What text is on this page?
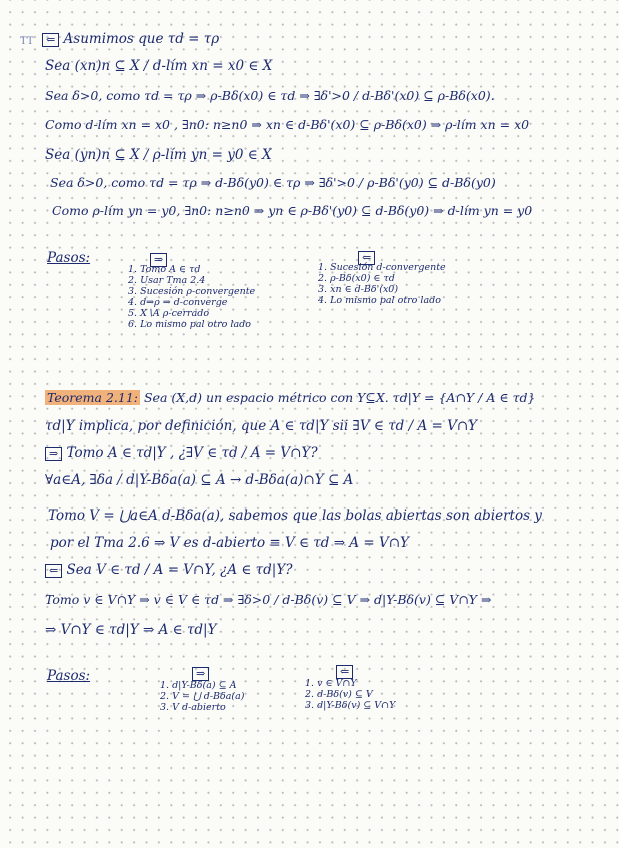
TT	⇐ Asumimos que τd = τρ
Sea (xn)n ⊆ X / d-lím xn = x0 ∈ X
Sea δ>0, como τd = τρ ⇒ ρ-Bδ(x0) ∈ τd ⇒ ∃δ'>0 / d-Bδ'(x0) ⊆ ρ-Bδ(x0).
Como d-lím xn = x0 , ∃n0: n≥n0 ⇒ xn ∈ d-Bδ'(x0) ⊆ ρ-Bδ(x0) ⇒ ρ-lím xn = x0
Sea (yn)n ⊆ X / ρ-lím yn = y0 ∈ X
Sea δ>0, como τd = τρ ⇒ d-Bδ(y0) ∈ τρ ⇒ ∃δ'>0 / ρ-Bδ'(y0) ⊆ d-Bδ(y0)
Como ρ-lím yn = y0, ∃n0: n≥n0 ⇒ yn ∈ ρ-Bδ'(y0) ⊆ d-Bδ(y0) ⇒ d-lím yn = y0
Pasos:	⇒
1. Tomo A ∈ τd
2. Usar Tma 2.4
3. Sucesión ρ-convergente
4. d⇒ρ ⇒ d-converge
5. X∖A ρ-cerrado
6. Lo mismo pal otro lado
⇐
1. Sucesión d-convergente
2. ρ-Bδ(x0) ∈ τd
3. xn ∈ d-Bδ'(x0)
4. Lo mismo pal otro lado
Teorema 2.11: Sea (X,d) un espacio métrico con Y⊆X. τd|Y = {A∩Y / A ∈ τd}
τd|Y implica, por definición, que A ∈ τd|Y sii ∃V ∈ τd / A = V∩Y
⇒ Tomo A ∈ τd|Y , ¿∃V ∈ τd / A = V∩Y?
∀a∈A, ∃δa / d|Y-Bδa(a) ⊆ A → d-Bδa(a)∩Y ⊆ A
Tomo V = ⋃a∈A d-Bδa(a), sabemos que las bolas abiertas son abiertos y
por el Tma 2.6 ⇒ V es d-abierto ≡ V ∈ τd ⇒ A = V∩Y
⇐ Sea V ∈ τd / A = V∩Y, ¿A ∈ τd|Y?
Tomo v ∈ V∩Y ⇒ v ∈ V ∈ τd ⇒ ∃δ>0 / d-Bδ(v) ⊆ V ⇒ d|Y-Bδ(v) ⊆ V∩Y ⇒
⇒ V∩Y ∈ τd|Y ⇒ A ∈ τd|Y
Pasos:	⇒
1. d|Y-Bδ(a) ⊆ A
2. V = ⋃ d-Bδa(a)
3. V d-abierto
⇐
1. v ∈ V∩Y
2. d-Bδ(v) ⊆ V
3. d|Y-Bδ(v) ⊆ V∩Y
